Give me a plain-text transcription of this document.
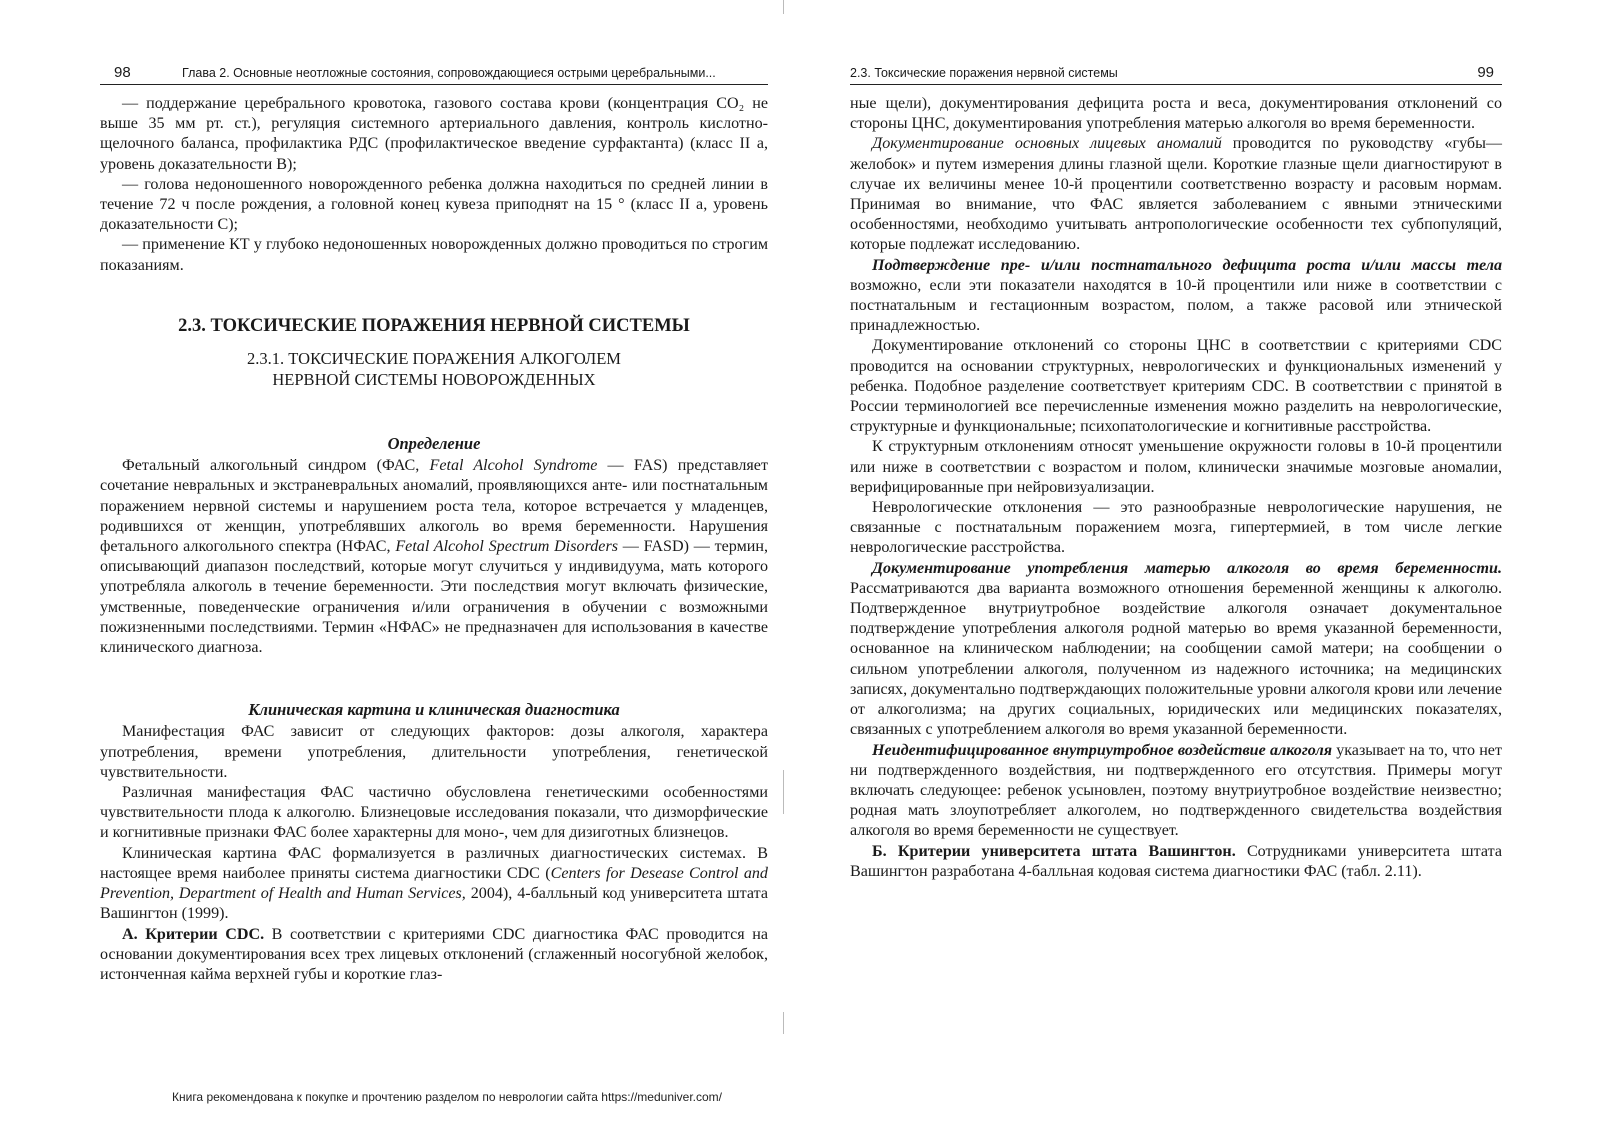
98	Глава 2. Основные неотложные состояния, сопровождающиеся острыми церебральными...

— поддержание церебрального кровотока, газового состава крови (концентрация CO₂ не выше 35 мм рт. ст.), регуляция системного артериального давления, контроль кислотно-щелочного баланса, профилактика РДС (профилактическое введение сурфактанта) (класс II а, уровень доказательности В);

— голова недоношенного новорожденного ребенка должна находиться по средней линии в течение 72 ч после рождения, а головной конец кувеза приподнят на 15 ° (класс II а, уровень доказательности С);

— применение КТ у глубоко недоношенных новорожденных должно проводиться по строгим показаниям.

2.3. ТОКСИЧЕСКИЕ ПОРАЖЕНИЯ НЕРВНОЙ СИСТЕМЫ
2.3.1. ТОКСИЧЕСКИЕ ПОРАЖЕНИЯ АЛКОГОЛЕМ
НЕРВНОЙ СИСТЕМЫ НОВОРОЖДЕННЫХ
Определение

Фетальный алкогольный синдром (ФАС, Fetal Alcohol Syndrome — FAS) представляет сочетание невральных и экстраневральных аномалий, проявляющихся анте- или постнатальным поражением нервной системы и нарушением роста тела, которое встречается у младенцев, родившихся от женщин, употреблявших алкоголь во время беременности. Нарушения фетального алкогольного спектра (НФАС, Fetal Alcohol Spectrum Disorders — FASD) — термин, описывающий диапазон последствий, которые могут случиться у индивидуума, мать которого употребляла алкоголь в течение беременности. Эти последствия могут включать физические, умственные, поведенческие ограничения и/или ограничения в обучении с возможными пожизненными последствиями. Термин «НФАС» не предназначен для использования в качестве клинического диагноза.

Клиническая картина и клиническая диагностика

Манифестация ФАС зависит от следующих факторов: дозы алкоголя, характера употребления, времени употребления, длительности употребления, генетической чувствительности.

Различная манифестация ФАС частично обусловлена генетическими особенностями чувствительности плода к алкоголю. Близнецовые исследования показали, что дизморфические и когнитивные признаки ФАС более характерны для моно-, чем для дизиготных близнецов.

Клиническая картина ФАС формализуется в различных диагностических системах. В настоящее время наиболее приняты система диагностики CDC (Centers for Desease Control and Prevention, Department of Health and Human Services, 2004), 4-балльный код университета штата Вашингтон (1999).

А. Критерии CDC. В соответствии с критериями CDC диагностика ФАС проводится на основании документирования всех трех лицевых отклонений (сглаженный носогубной желобок, истонченная кайма верхней губы и короткие глаз-

2.3. Токсические поражения нервной системы	99

ные щели), документирования дефицита роста и веса, документирования отклонений со стороны ЦНС, документирования употребления матерью алкоголя во время беременности.

Документирование основных лицевых аномалий проводится по руководству «губы—желобок» и путем измерения длины глазной щели. Короткие глазные щели диагностируют в случае их величины менее 10-й процентили соответственно возрасту и расовым нормам. Принимая во внимание, что ФАС является заболеванием с явными этническими особенностями, необходимо учитывать антропологические особенности тех субпопуляций, которые подлежат исследованию.

Подтверждение пре- и/или постнатального дефицита роста и/или массы тела возможно, если эти показатели находятся в 10-й процентили или ниже в соответствии с постнатальным и гестационным возрастом, полом, а также расовой или этнической принадлежностью.

Документирование отклонений со стороны ЦНС в соответствии с критериями CDC проводится на основании структурных, неврологических и функциональных изменений у ребенка. Подобное разделение соответствует критериям CDC. В соответствии с принятой в России терминологией все перечисленные изменения можно разделить на неврологические, структурные и функциональные; психопатологические и когнитивные расстройства.

К структурным отклонениям относят уменьшение окружности головы в 10-й процентили или ниже в соответствии с возрастом и полом, клинически значимые мозговые аномалии, верифицированные при нейровизуализации.

Неврологические отклонения — это разнообразные неврологические нарушения, не связанные с постнатальным поражением мозга, гипертермией, в том числе легкие неврологические расстройства.

Документирование употребления матерью алкоголя во время беременности. Рассматриваются два варианта возможного отношения беременной женщины к алкоголю. Подтвержденное внутриутробное воздействие алкоголя означает документальное подтверждение употребления алкоголя родной матерью во время указанной беременности, основанное на клиническом наблюдении; на сообщении самой матери; на сообщении о сильном употреблении алкоголя, полученном из надежного источника; на медицинских записях, документально подтверждающих положительные уровни алкоголя крови или лечение от алкоголизма; на других социальных, юридических или медицинских показателях, связанных с употреблением алкоголя во время указанной беременности.

Неидентифицированное внутриутробное воздействие алкоголя указывает на то, что нет ни подтвержденного воздействия, ни подтвержденного его отсутствия. Примеры могут включать следующее: ребенок усыновлен, поэтому внутриутробное воздействие неизвестно; родная мать злоупотребляет алкоголем, но подтвержденного свидетельства воздействия алкоголя во время беременности не существует.

Б. Критерии университета штата Вашингтон. Сотрудниками университета штата Вашингтон разработана 4-балльная кодовая система диагностики ФАС (табл. 2.11).

Книга рекомендована к покупке и прочтению разделом по неврологии сайта https://meduniver.com/
